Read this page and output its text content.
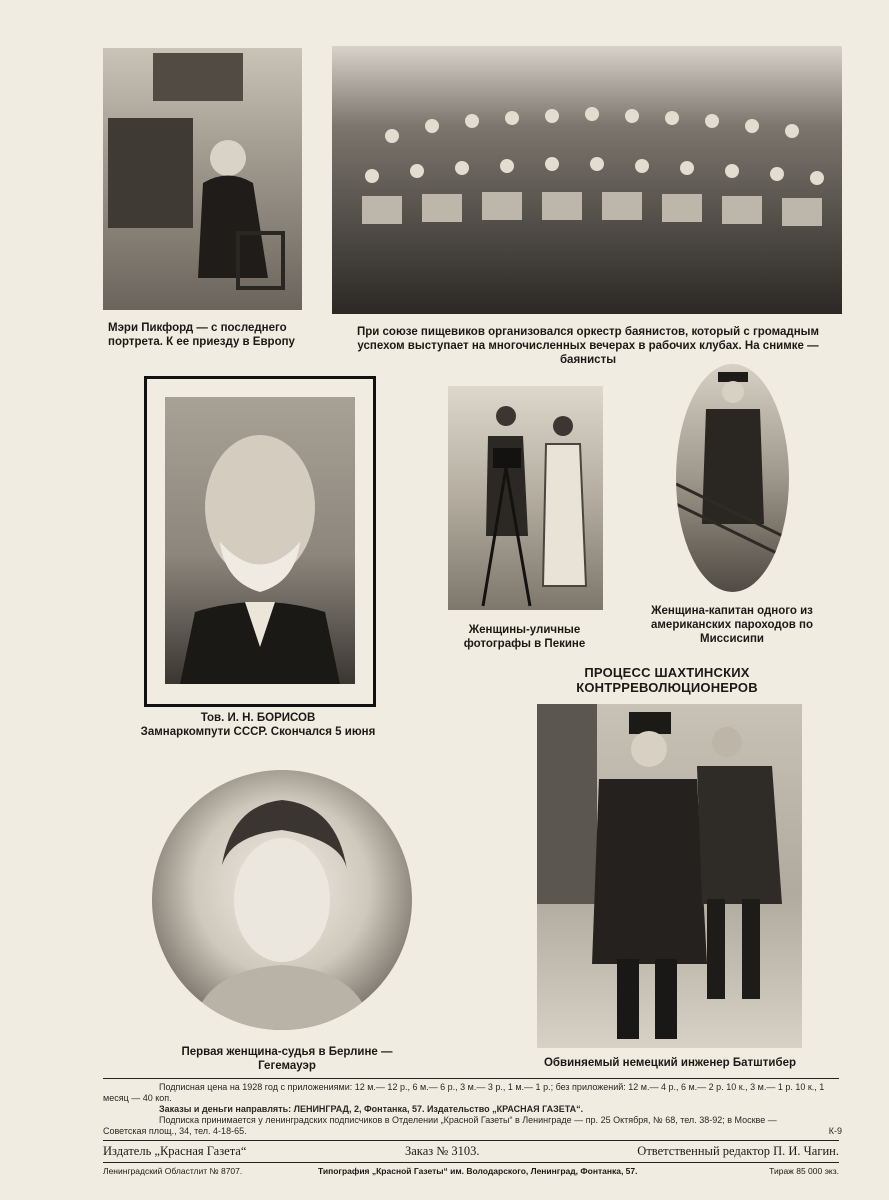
Мэри Пикфорд — с последнего портрета. К ее приезду в Европу
При союзе пищевиков организовался оркестр баянистов, который с громадным успехом выступает на многочисленных вечерах в рабочих клубах. На снимке — баянисты
Тов. И. Н. БОРИСОВ
Замнаркомпути СССР. Скончался 5 июня
Женщины-уличные фотографы в Пекине
Женщина-капитан одного из американских пароходов по Миссисипи
ПРОЦЕСС ШАХТИНСКИХ КОНТРРЕВОЛЮЦИОНЕРОВ
Обвиняемый немецкий инженер Батштибер
Первая женщина-судья в Берлине — Гегемауэр
Подписная цена на 1928 год с приложениями: 12 м.— 12 р., 6 м.— 6 р., 3 м.— 3 р., 1 м.— 1 р.; без приложений: 12 м.— 4 р., 6 м.— 2 р. 10 к., 3 м.— 1 р. 10 к., 1 месяц — 40 коп.
Заказы и деньги направлять: ЛЕНИНГРАД, 2, Фонтанка, 57. Издательство „КРАСНАЯ ГАЗЕТА“.
Подписка принимается у ленинградских подписчиков в Отделении „Красной Газеты“ в Ленинграде — пр. 25 Октября, № 68, тел. 38-92; в Москве — Советская площ., 34, тел. 4-18-65.	К-9
Издатель „Красная Газета“	Заказ № 3103.	Ответственный редактор П. И. Чагин.
Ленинградский Областлит № 8707.	Типография „Красной Газеты“ им. Володарского, Ленинград, Фонтанка, 57.	Тираж 85 000 экз.
